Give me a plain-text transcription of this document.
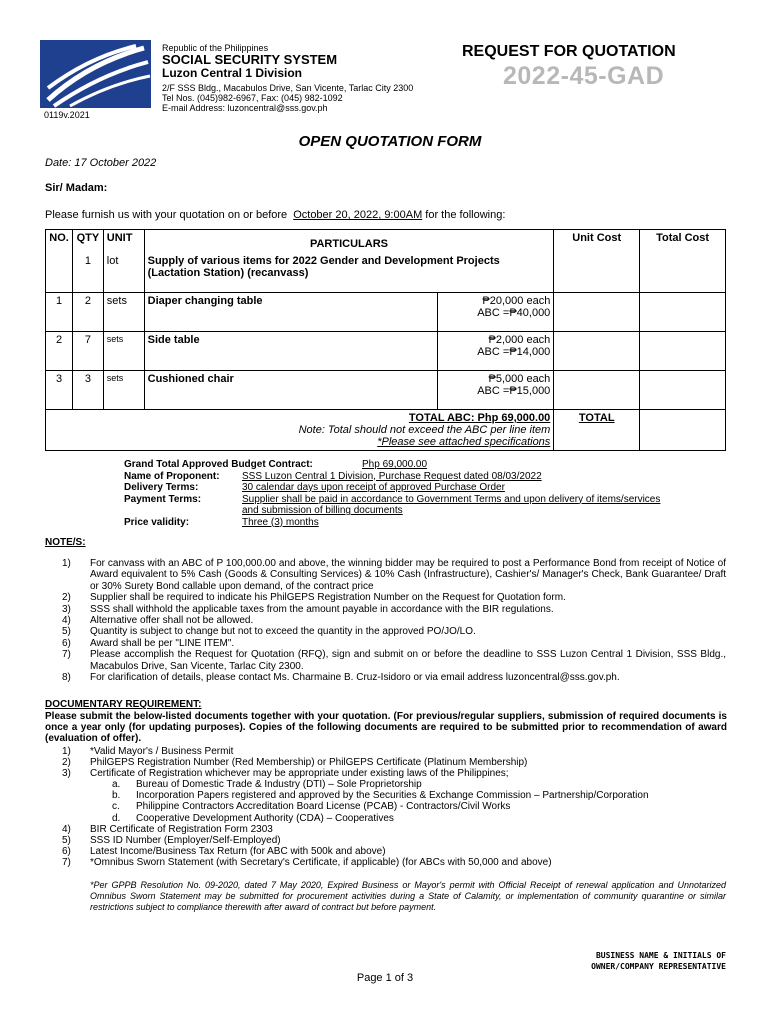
Republic of the Philippines
SOCIAL SECURITY SYSTEM
Luzon Central 1 Division
2/F SSS Bldg., Macabulos Drive, San Vicente, Tarlac City 2300
Tel Nos. (045)982-6967, Fax: (045) 982-1092
E-mail Address: luzoncentral@sss.gov.ph
REQUEST FOR QUOTATION
2022-45-GAD
0119v.2021
OPEN QUOTATION FORM
Date: 17 October 2022
Sir/ Madam:
Please furnish us with your quotation on or before October 20, 2022, 9:00AM for the following:
NO.	QTY	UNIT	PARTICULARS		Unit Cost	Total Cost
	1	lot	Supply of various items for 2022 Gender and Development Projects (Lactation Station) (recanvass)			
1	2	sets	Diaper changing table	₱20,000 each
ABC =₱40,000		

2	7	sets	Side table	₱2,000 each
ABC =₱14,000		

3	3	sets	Cushioned chair	₱5,000 each
ABC =₱15,000		

TOTAL ABC: Php 69,000.00
Note: Total should not exceed the ABC per line item
*Please see attached specifications					TOTAL	
Grand Total Approved Budget Contract:	Php 69,000.00
Name of Proponent:	SSS Luzon Central 1 Division, Purchase Request dated 08/03/2022
Delivery Terms:	30 calendar days upon receipt of approved Purchase Order
Payment Terms:	Supplier shall be paid in accordance to Government Terms and upon delivery of items/services
and submission of billing documents
Price validity:	Three (3) months
NOTE/S:
1)	For canvass with an ABC of P 100,000.00 and above, the winning bidder may be required to post a Performance Bond from receipt of Notice of Award equivalent to 5% Cash (Goods & Consulting Services) & 10% Cash (Infrastructure), Cashier's/ Manager's Check, Bank Guarantee/ Draft or 30% Surety Bond callable upon demand, of the contract price
2)	Supplier shall be required to indicate his PhilGEPS Registration Number on the Request for Quotation form.
3)	SSS shall withhold the applicable taxes from the amount payable in accordance with the BIR regulations.
4)	Alternative offer shall not be allowed.
5)	Quantity is subject to change but not to exceed the quantity in the approved PO/JO/LO.
6)	Award shall be per "LINE ITEM".
7)	Please accomplish the Request for Quotation (RFQ), sign and submit on or before the deadline to SSS Luzon Central 1 Division, SSS Bldg., Macabulos Drive, San Vicente, Tarlac City 2300.
8)	For clarification of details, please contact Ms. Charmaine B. Cruz-Isidoro or via email address luzoncentral@sss.gov.ph.
DOCUMENTARY REQUIREMENT:
Please submit the below-listed documents together with your quotation. (For previous/regular suppliers, submission of required documents is once a year only (for updating purposes). Copies of the following documents are required to be submitted prior to recommendation of award (evaluation of offer).
1)	*Valid Mayor's / Business Permit
2)	PhilGEPS Registration Number (Red Membership) or PhilGEPS Certificate (Platinum Membership)
3)	Certificate of Registration whichever may be appropriate under existing laws of the Philippines;
a.	Bureau of Domestic Trade & Industry (DTI) – Sole Proprietorship
b.	Incorporation Papers registered and approved by the Securities & Exchange Commission – Partnership/Corporation
c.	Philippine Contractors Accreditation Board License (PCAB) - Contractors/Civil Works
d.	Cooperative Development Authority (CDA) – Cooperatives
4)	BIR Certificate of Registration Form 2303
5)	SSS ID Number (Employer/Self-Employed)
6)	Latest Income/Business Tax Return (for ABC with 500k and above)
7)	*Omnibus Sworn Statement (with Secretary's Certificate, if applicable) (for ABCs with 50,000 and above)
*Per GPPB Resolution No. 09-2020, dated 7 May 2020, Expired Business or Mayor's permit with Official Receipt of renewal application and Unnotarized Omnibus Sworn Statement may be submitted for procurement activities during a State of Calamity, or implementation of community quarantine or similar restrictions subject to compliance therewith after award of contract but before payment.
BUSINESS NAME & INITIALS OF
OWNER/COMPANY REPRESENTATIVE
Page 1 of 3
